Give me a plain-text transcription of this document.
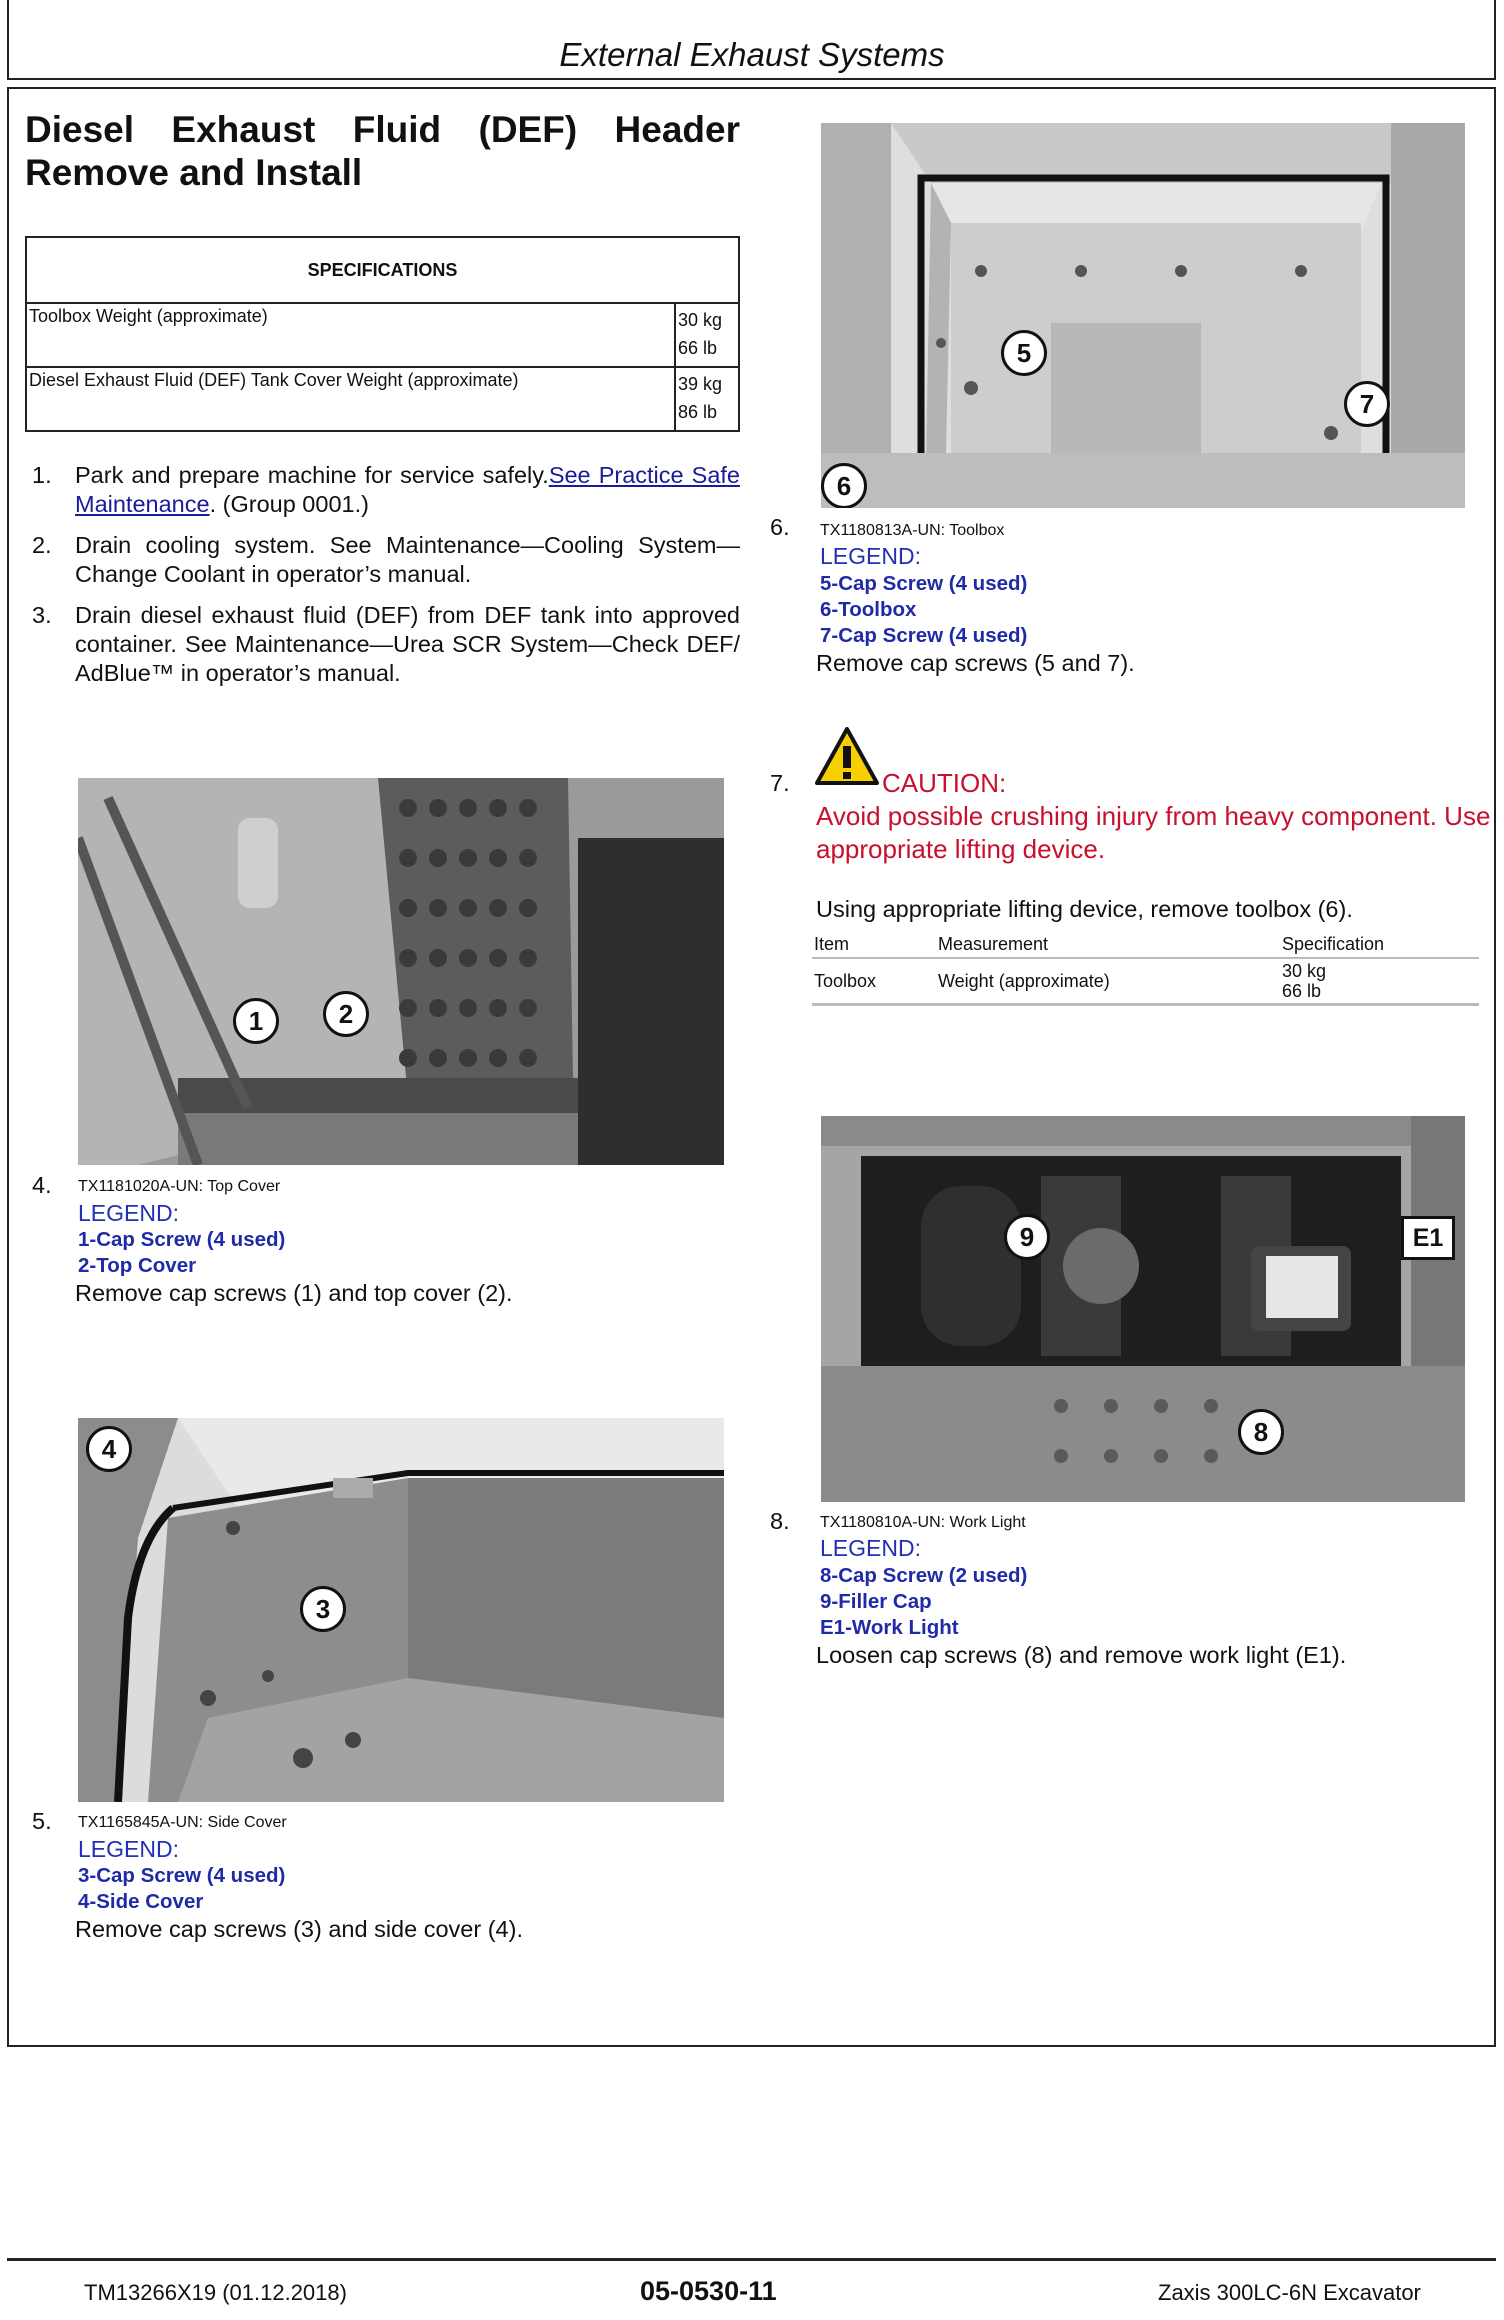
External Exhaust Systems
Diesel Exhaust Fluid (DEF) Header
Remove and Install
SPECIFICATIONS	
Toolbox Weight (approximate)	30 kg
66 lb

Diesel Exhaust Fluid (DEF) Tank Cover Weight (approximate)	39 kg
86 lb
1. Park and prepare machine for service safely.See Practice Safe Maintenance. (Group 0001.)
2. Drain cooling system. See Maintenance—Cooling System—Change Coolant in operator’s manual.
3. Drain diesel exhaust fluid (DEF) from DEF tank into approved container. See Maintenance—Urea SCR System—Check DEF/ AdBlue™ in operator’s manual.
1	2
4. TX1181020A-UN: Top Cover
LEGEND:
1-Cap Screw (4 used)
2-Top Cover
Remove cap screws (1) and top cover (2).
4
3
5. TX1165845A-UN: Side Cover
LEGEND:
3-Cap Screw (4 used)
4-Side Cover
Remove cap screws (3) and side cover (4).
5
7
6
6. TX1180813A-UN: Toolbox
LEGEND:
5-Cap Screw (4 used)
6-Toolbox
7-Cap Screw (4 used)
Remove cap screws (5 and 7).
7.	CAUTION:
Avoid possible crushing injury from heavy component. Use appropriate lifting device.
Using appropriate lifting device, remove toolbox (6).
Item	Measurement	Specification
Toolbox	Weight (approximate)	30 kg
66 lb
9
8
E1
8. TX1180810A-UN: Work Light
LEGEND:
8-Cap Screw (2 used)
9-Filler Cap
E1-Work Light
Loosen cap screws (8) and remove work light (E1).
TM13266X19 (01.12.2018)	05-0530-11	Zaxis 300LC-6N Excavator
